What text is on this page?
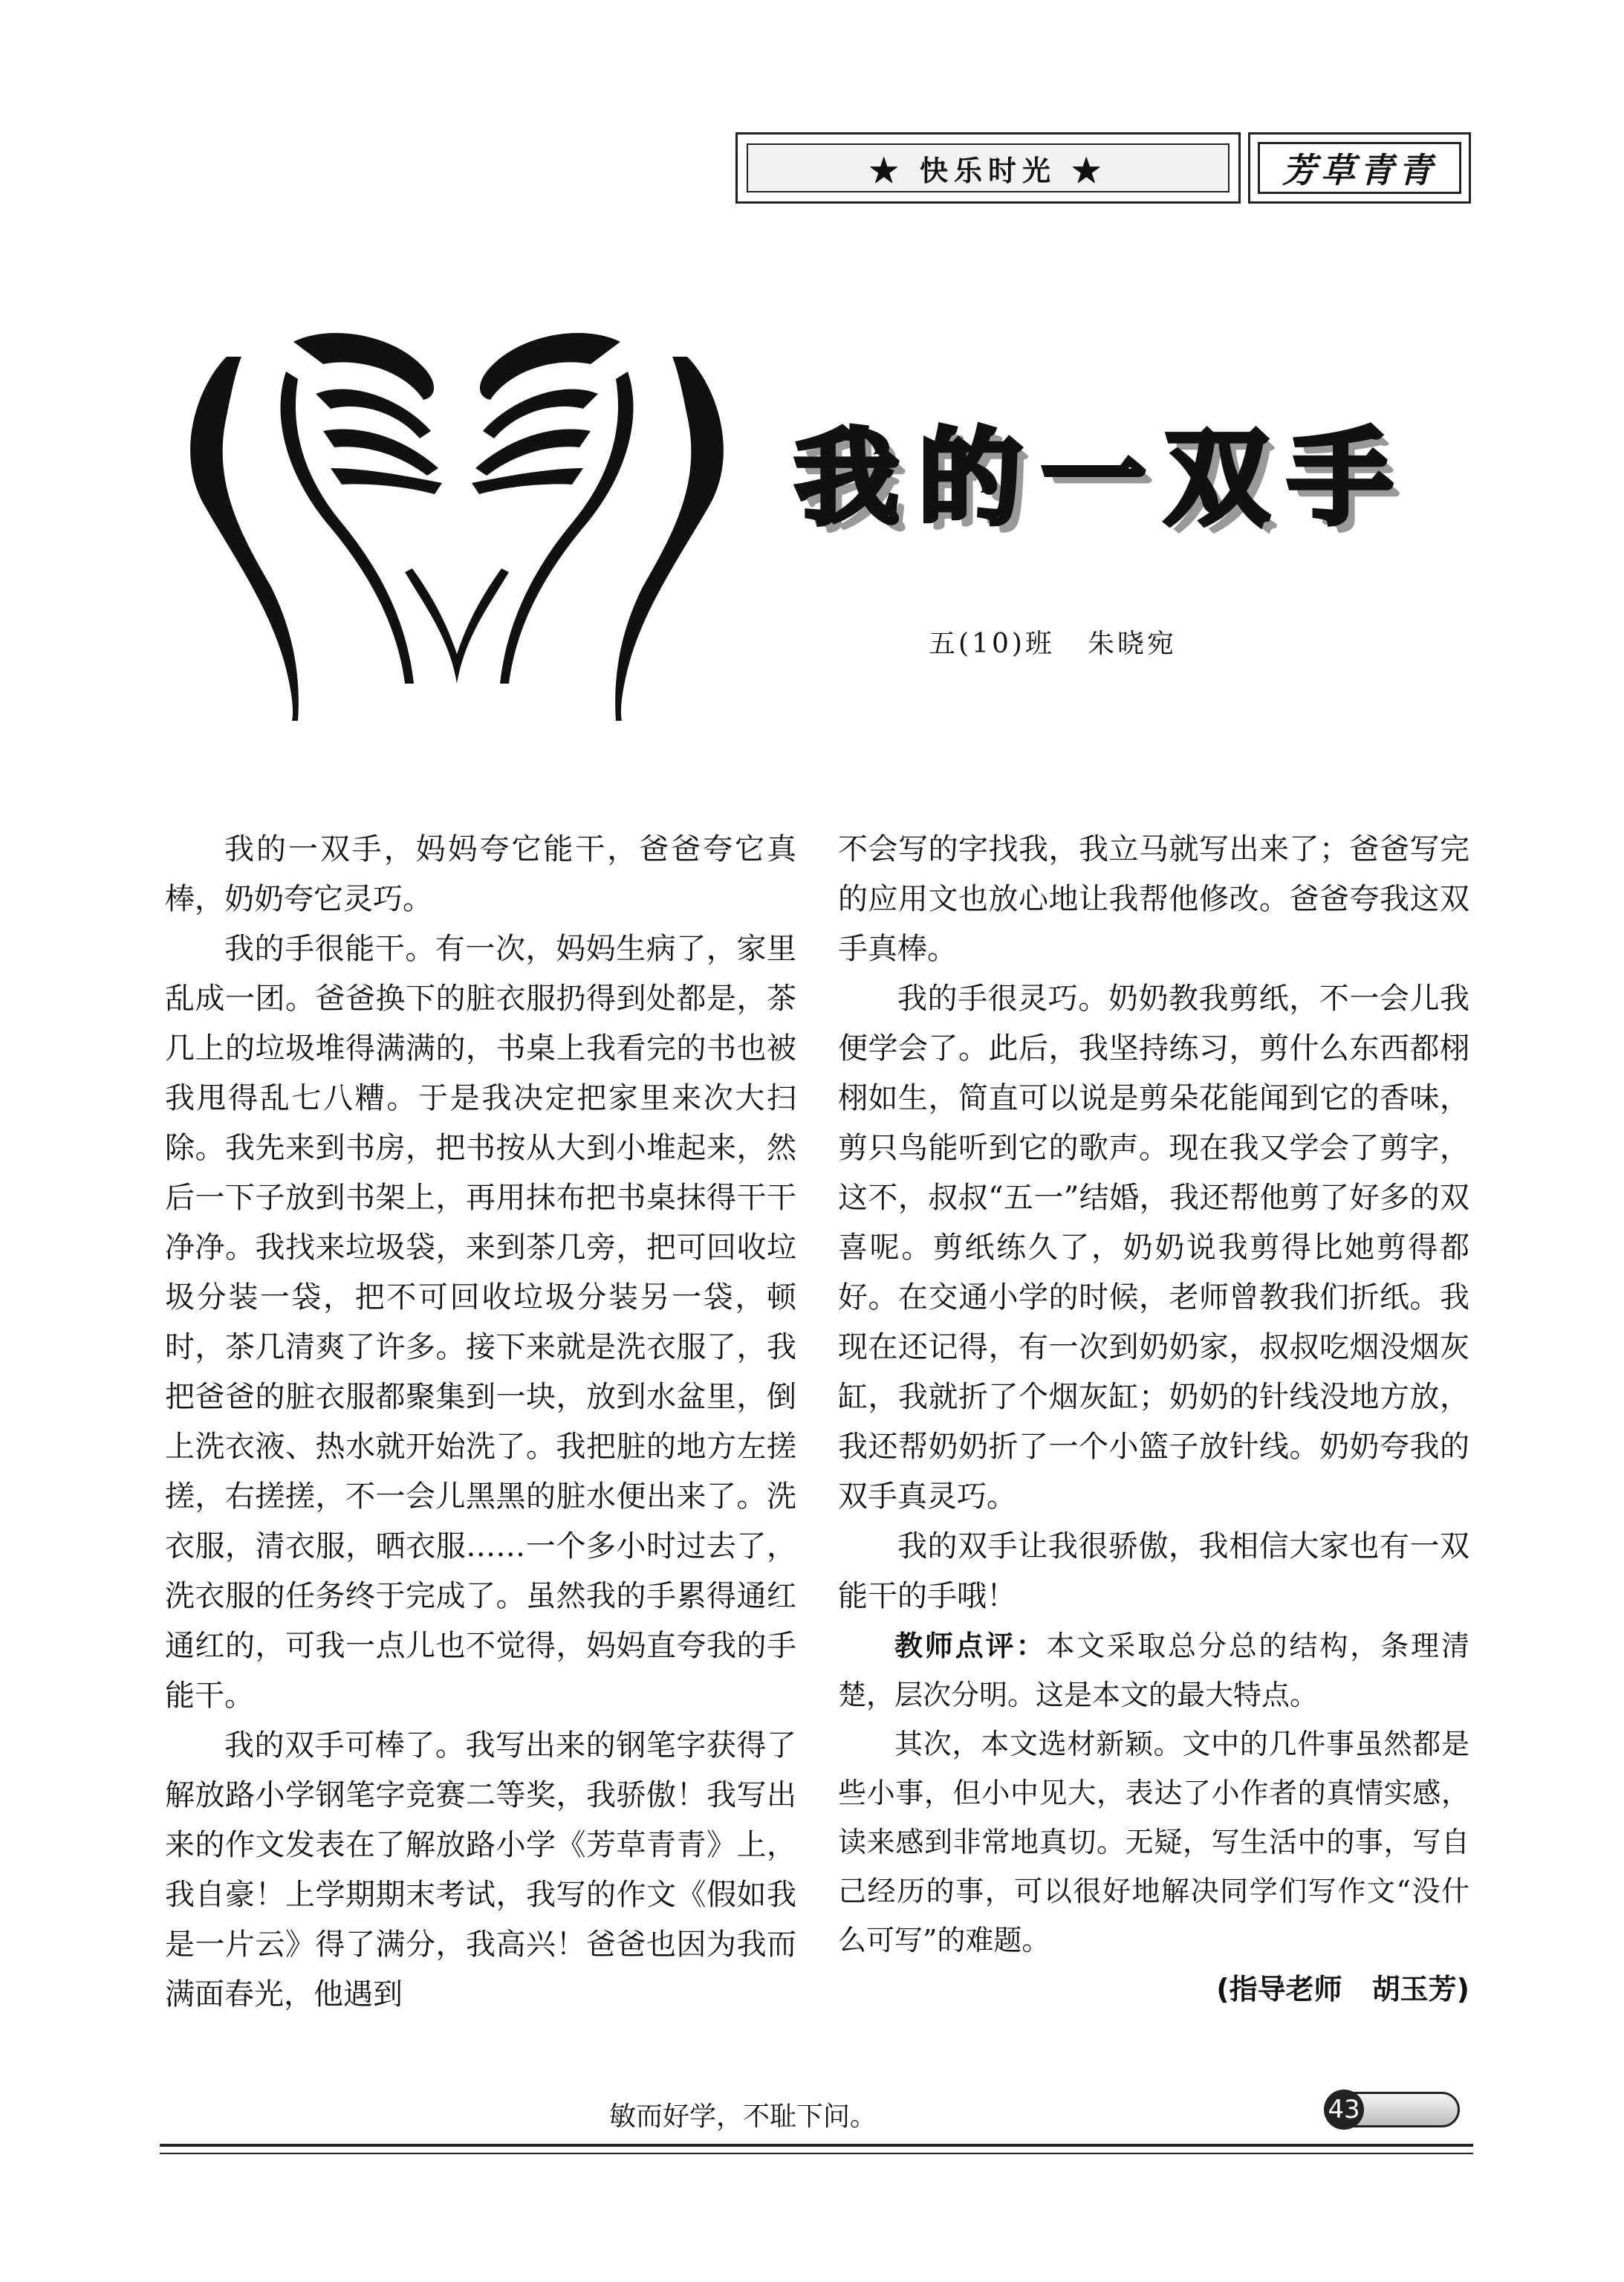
★ 快乐时光 ★	芳草青青
我的一双手
五(10)班 朱晓宛

我的一双手，妈妈夸它能干，爸爸夸它真棒，奶奶夸它灵巧。

我的手很能干。有一次，妈妈生病了，家里乱成一团。爸爸换下的脏衣服扔得到处都是，茶几上的垃圾堆得满满的，书桌上我看完的书也被我甩得乱七八糟。于是我决定把家里来次大扫除。我先来到书房，把书按从大到小堆起来，然后一下子放到书架上，再用抹布把书桌抹得干干净净。我找来垃圾袋，来到茶几旁，把可回收垃圾分装一袋，把不可回收垃圾分装另一袋，顿时，茶几清爽了许多。接下来就是洗衣服了，我把爸爸的脏衣服都聚集到一块，放到水盆里，倒上洗衣液、热水就开始洗了。我把脏的地方左搓搓，右搓搓，不一会儿黑黑的脏水便出来了。洗衣服，清衣服，晒衣服……一个多小时过去了，洗衣服的任务终于完成了。虽然我的手累得通红通红的，可我一点儿也不觉得，妈妈直夸我的手能干。

我的双手可棒了。我写出来的钢笔字获得了解放路小学钢笔字竞赛二等奖，我骄傲！我写出来的作文发表在了解放路小学《芳草青青》上，我自豪！上学期期末考试，我写的作文《假如我是一片云》得了满分，我高兴！爸爸也因为我而满面春光，他遇到

不会写的字找我，我立马就写出来了；爸爸写完的应用文也放心地让我帮他修改。爸爸夸我这双手真棒。

我的手很灵巧。奶奶教我剪纸，不一会儿我便学会了。此后，我坚持练习，剪什么东西都栩栩如生，简直可以说是剪朵花能闻到它的香味，剪只鸟能听到它的歌声。现在我又学会了剪字，这不，叔叔“五一”结婚，我还帮他剪了好多的双喜呢。剪纸练久了，奶奶说我剪得比她剪得都好。在交通小学的时候，老师曾教我们折纸。我现在还记得，有一次到奶奶家，叔叔吃烟没烟灰缸，我就折了个烟灰缸；奶奶的针线没地方放，我还帮奶奶折了一个小篮子放针线。奶奶夸我的双手真灵巧。

我的双手让我很骄傲，我相信大家也有一双能干的手哦！

教师点评：本文采取总分总的结构，条理清楚，层次分明。这是本文的最大特点。

其次，本文选材新颖。文中的几件事虽然都是些小事，但小中见大，表达了小作者的真情实感，读来感到非常地真切。无疑，写生活中的事，写自己经历的事，可以很好地解决同学们写作文“没什么可写”的难题。

(指导老师 胡玉芳)
敏而好学，不耻下问。	43
